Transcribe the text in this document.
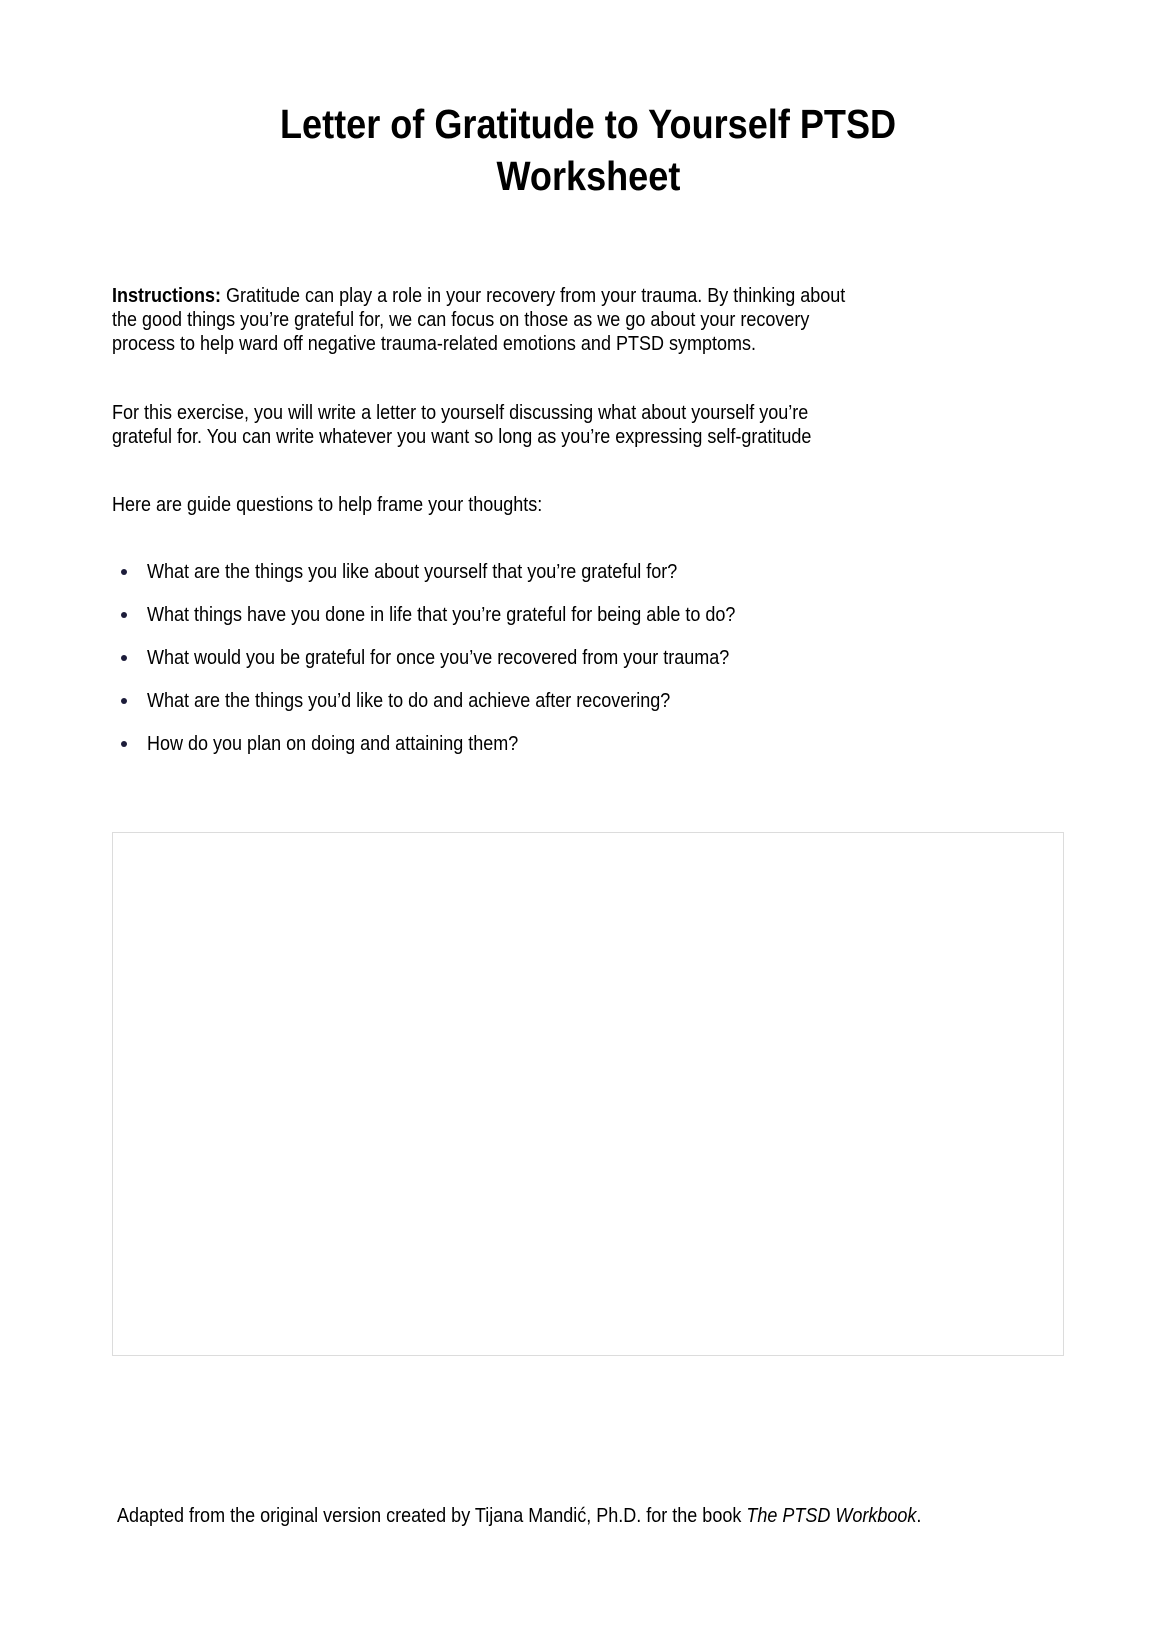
Letter of Gratitude to Yourself PTSD
Worksheet
Instructions: Gratitude can play a role in your recovery from your trauma. By thinking about
the good things you’re grateful for, we can focus on those as we go about your recovery
process to help ward off negative trauma-related emotions and PTSD symptoms.
For this exercise, you will write a letter to yourself discussing what about yourself you’re
grateful for. You can write whatever you want so long as you’re expressing self-gratitude
Here are guide questions to help frame your thoughts:
What are the things you like about yourself that you’re grateful for?
What things have you done in life that you’re grateful for being able to do?
What would you be grateful for once you’ve recovered from your trauma?
What are the things you’d like to do and achieve after recovering?
How do you plan on doing and attaining them?
Adapted from the original version created by Tijana Mandić, Ph.D. for the book The PTSD Workbook.
